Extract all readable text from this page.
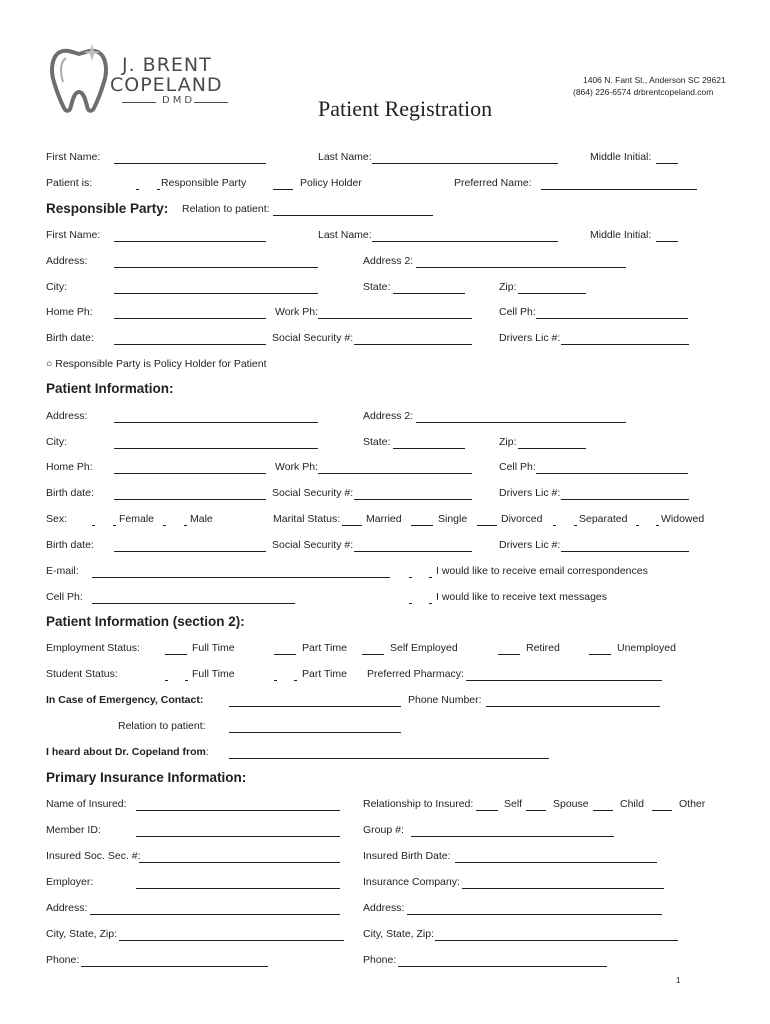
J. BRENT
COPELAND
DMD
1406 N. Fant St., Anderson SC 29621
(864) 226-6574 drbrentcopeland.com
Patient Registration
First Name:	Last Name:	Middle Initial:
Patient is:	Responsible Party	Policy Holder	Preferred Name:
Responsible Party: Relation to patient:
First Name:	Last Name:	Middle Initial:
Address:	Address 2:
City:	State:	Zip:
Home Ph:	Work Ph:	Cell Ph:
Birth date:	Social Security #:	Drivers Lic #:
○ Responsible Party is Policy Holder for Patient
Patient Information:
Address:	Address 2:
City:	State:	Zip:
Home Ph:	Work Ph:	Cell Ph:
Birth date:	Social Security #:	Drivers Lic #:
Sex:	Female	Male	Marital Status: Married	Single	Divorced	Separated	Widowed
Birth date:	Social Security #:	Drivers Lic #:
E-mail:	I would like to receive email correspondences
Cell Ph:	I would like to receive text messages
Patient Information (section 2):
Employment Status:	Full Time	Part Time	Self Employed	Retired	Unemployed
Student Status:	Full Time	Part Time Preferred Pharmacy:
In Case of Emergency, Contact:	Phone Number:
Relation to patient:
I heard about Dr. Copeland from:
Primary Insurance Information:
Name of Insured:	Relationship to Insured:	Self	Spouse	Child	Other
Member ID:	Group #:
Insured Soc. Sec. #:	Insured Birth Date:
Employer:	Insurance Company:
Address:	Address:
City, State, Zip:	City, State, Zip:
Phone:	Phone:
1
